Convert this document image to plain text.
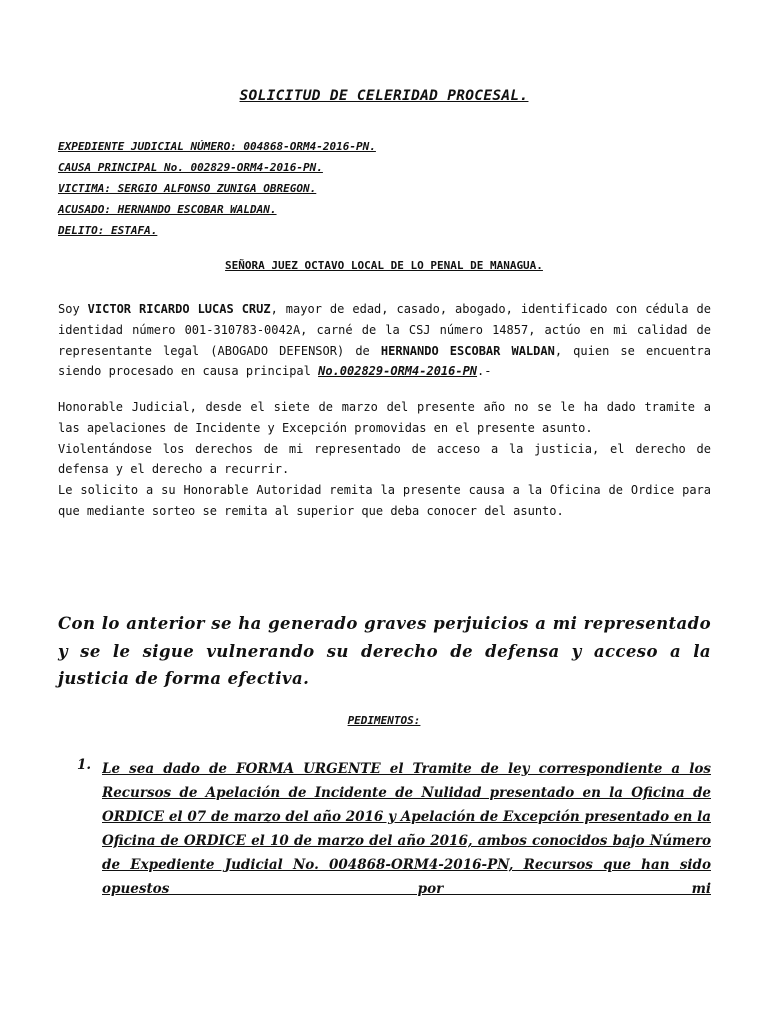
SOLICITUD DE CELERIDAD PROCESAL.
EXPEDIENTE JUDICIAL NÚMERO: 004868-ORM4-2016-PN.
CAUSA PRINCIPAL No. 002829-ORM4-2016-PN.
VICTIMA: SERGIO ALFONSO ZUNIGA OBREGON.
ACUSADO: HERNANDO ESCOBAR WALDAN.
DELITO: ESTAFA.
SEÑORA JUEZ OCTAVO LOCAL DE LO PENAL DE MANAGUA.
Soy VICTOR RICARDO LUCAS CRUZ, mayor de edad, casado, abogado, identificado con cédula de identidad número 001-310783-0042A, carné de la CSJ número 14857, actúo en mi calidad de representante legal (ABOGADO DEFENSOR) de HERNANDO ESCOBAR WALDAN, quien se encuentra siendo procesado en causa principal No.002829-ORM4-2016-PN.-
Honorable Judicial, desde el siete de marzo del presente año no se le ha dado tramite a las apelaciones de Incidente y Excepción promovidas en el presente asunto.
Violentándose los derechos de mi representado de acceso a la justicia, el derecho de defensa y el derecho a recurrir.
Le solicito a su Honorable Autoridad remita la presente causa a la Oficina de Ordice para que mediante sorteo se remita al superior que deba conocer del asunto.
Con lo anterior se ha generado graves perjuicios a mi representado y se le sigue vulnerando su derecho de defensa y acceso a la justicia de forma efectiva.
PEDIMENTOS:
1. Le sea dado de FORMA URGENTE el Tramite de ley correspondiente a los Recursos de Apelación de Incidente de Nulidad presentado en la Oficina de ORDICE el 07 de marzo del año 2016 y Apelación de Excepción presentado en la Oficina de ORDICE el 10 de marzo del año 2016, ambos conocidos bajo Número de Expediente Judicial No. 004868-ORM4-2016-PN, Recursos que han sido opuestos por mi
